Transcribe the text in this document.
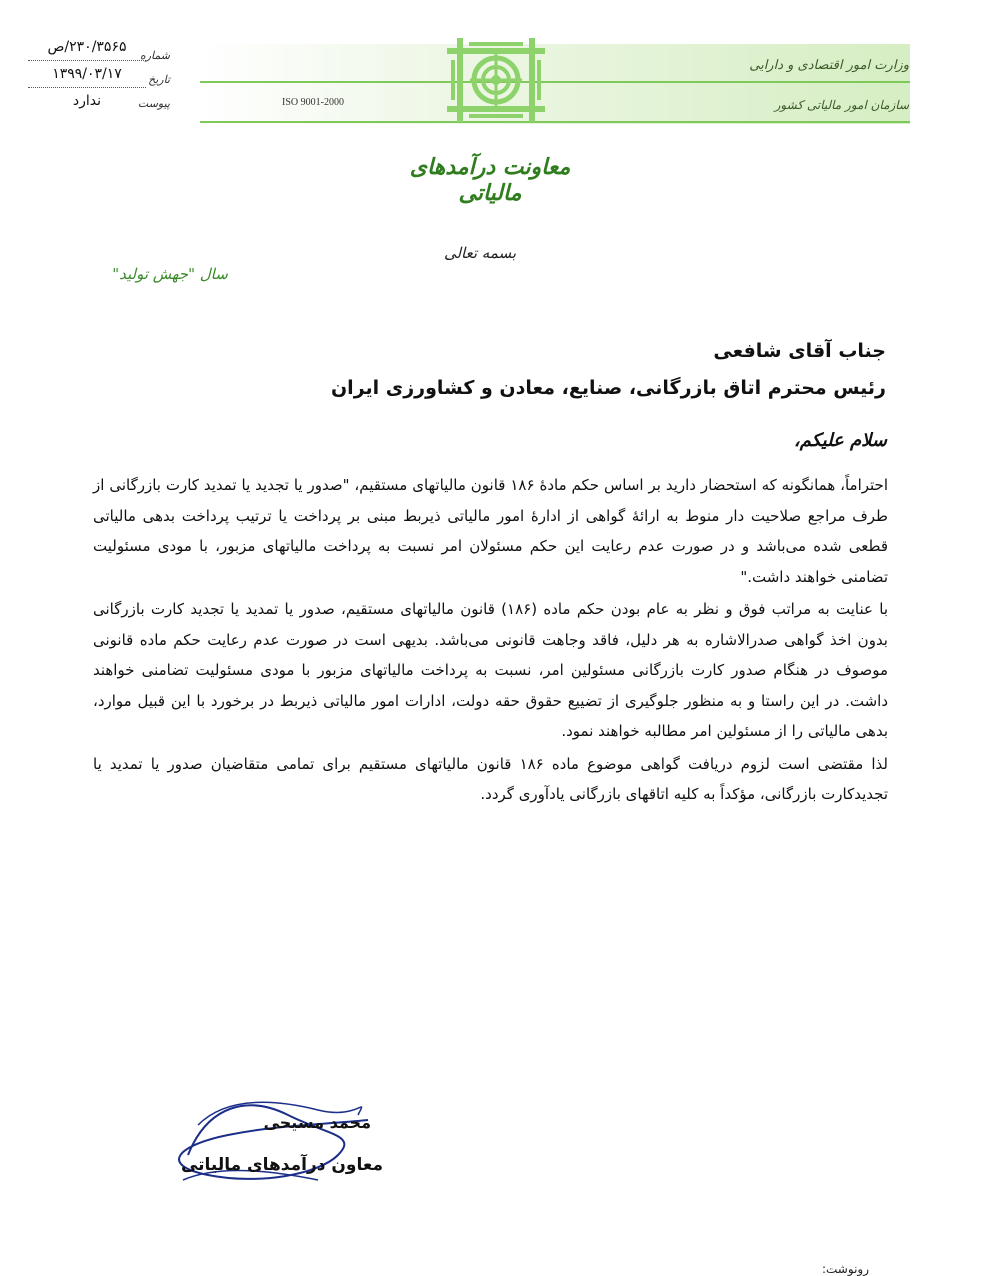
وزارت امور اقتصادی و دارایی
سازمان امور مالیاتی کشور
ISO 9001-2000
شماره
تاریخ
پیوست
۲۳۰/۳۵۶۵/ص
۱۳۹۹/۰۳/۱۷
ندارد
معاونت درآمدهای مالیاتی
بسمه تعالی
سال "جهش تولید"
جناب آقای شافعی
رئیس محترم اتاق بازرگانی، صنایع، معادن و کشاورزی ایران
سلام علیکم،

احتراماً، همانگونه که استحضار دارید بر اساس حکم مادهٔ ۱۸۶ قانون مالیاتهای مستقیم، "صدور یا تجدید یا تمدید کارت بازرگانی از طرف مراجع صلاحیت دار منوط به ارائهٔ گواهی از ادارهٔ امور مالیاتی ذیربط مبنی بر پرداخت یا ترتیب پرداخت بدهی مالیاتی قطعی شده می‌باشد و در صورت عدم رعایت این حکم مسئولان امر نسبت به پرداخت مالیاتهای مزبور، با مودی مسئولیت تضامنی خواهند داشت."

با عنایت به مراتب فوق و نظر به عام بودن حکم ماده (۱۸۶) قانون مالیاتهای مستقیم، صدور یا تمدید یا تجدید کارت بازرگانی بدون اخذ گواهی صدرالاشاره به هر دلیل، فاقد وجاهت قانونی می‌باشد. بدیهی است در صورت عدم رعایت حکم ماده قانونی موصوف در هنگام صدور کارت بازرگانی مسئولین امر، نسبت به پرداخت مالیاتهای مزبور با مودی مسئولیت تضامنی خواهند داشت. در این راستا و به منظور جلوگیری از تضییع حقوق حقه دولت، ادارات امور مالیاتی ذیربط در برخورد با این قبیل موارد، بدهی مالیاتی را از مسئولین امر مطالبه خواهند نمود.

لذا مقتضی است لزوم دریافت گواهی موضوع ماده ۱۸۶ قانون مالیاتهای مستقیم برای تمامی متقاضیان صدور یا تمدید یا تجدیدکارت بازرگانی، مؤکداً به کلیه اتاقهای بازرگانی یادآوری گردد.

محمد مسیحی
معاون درآمدهای مالیاتی
رونوشت:
